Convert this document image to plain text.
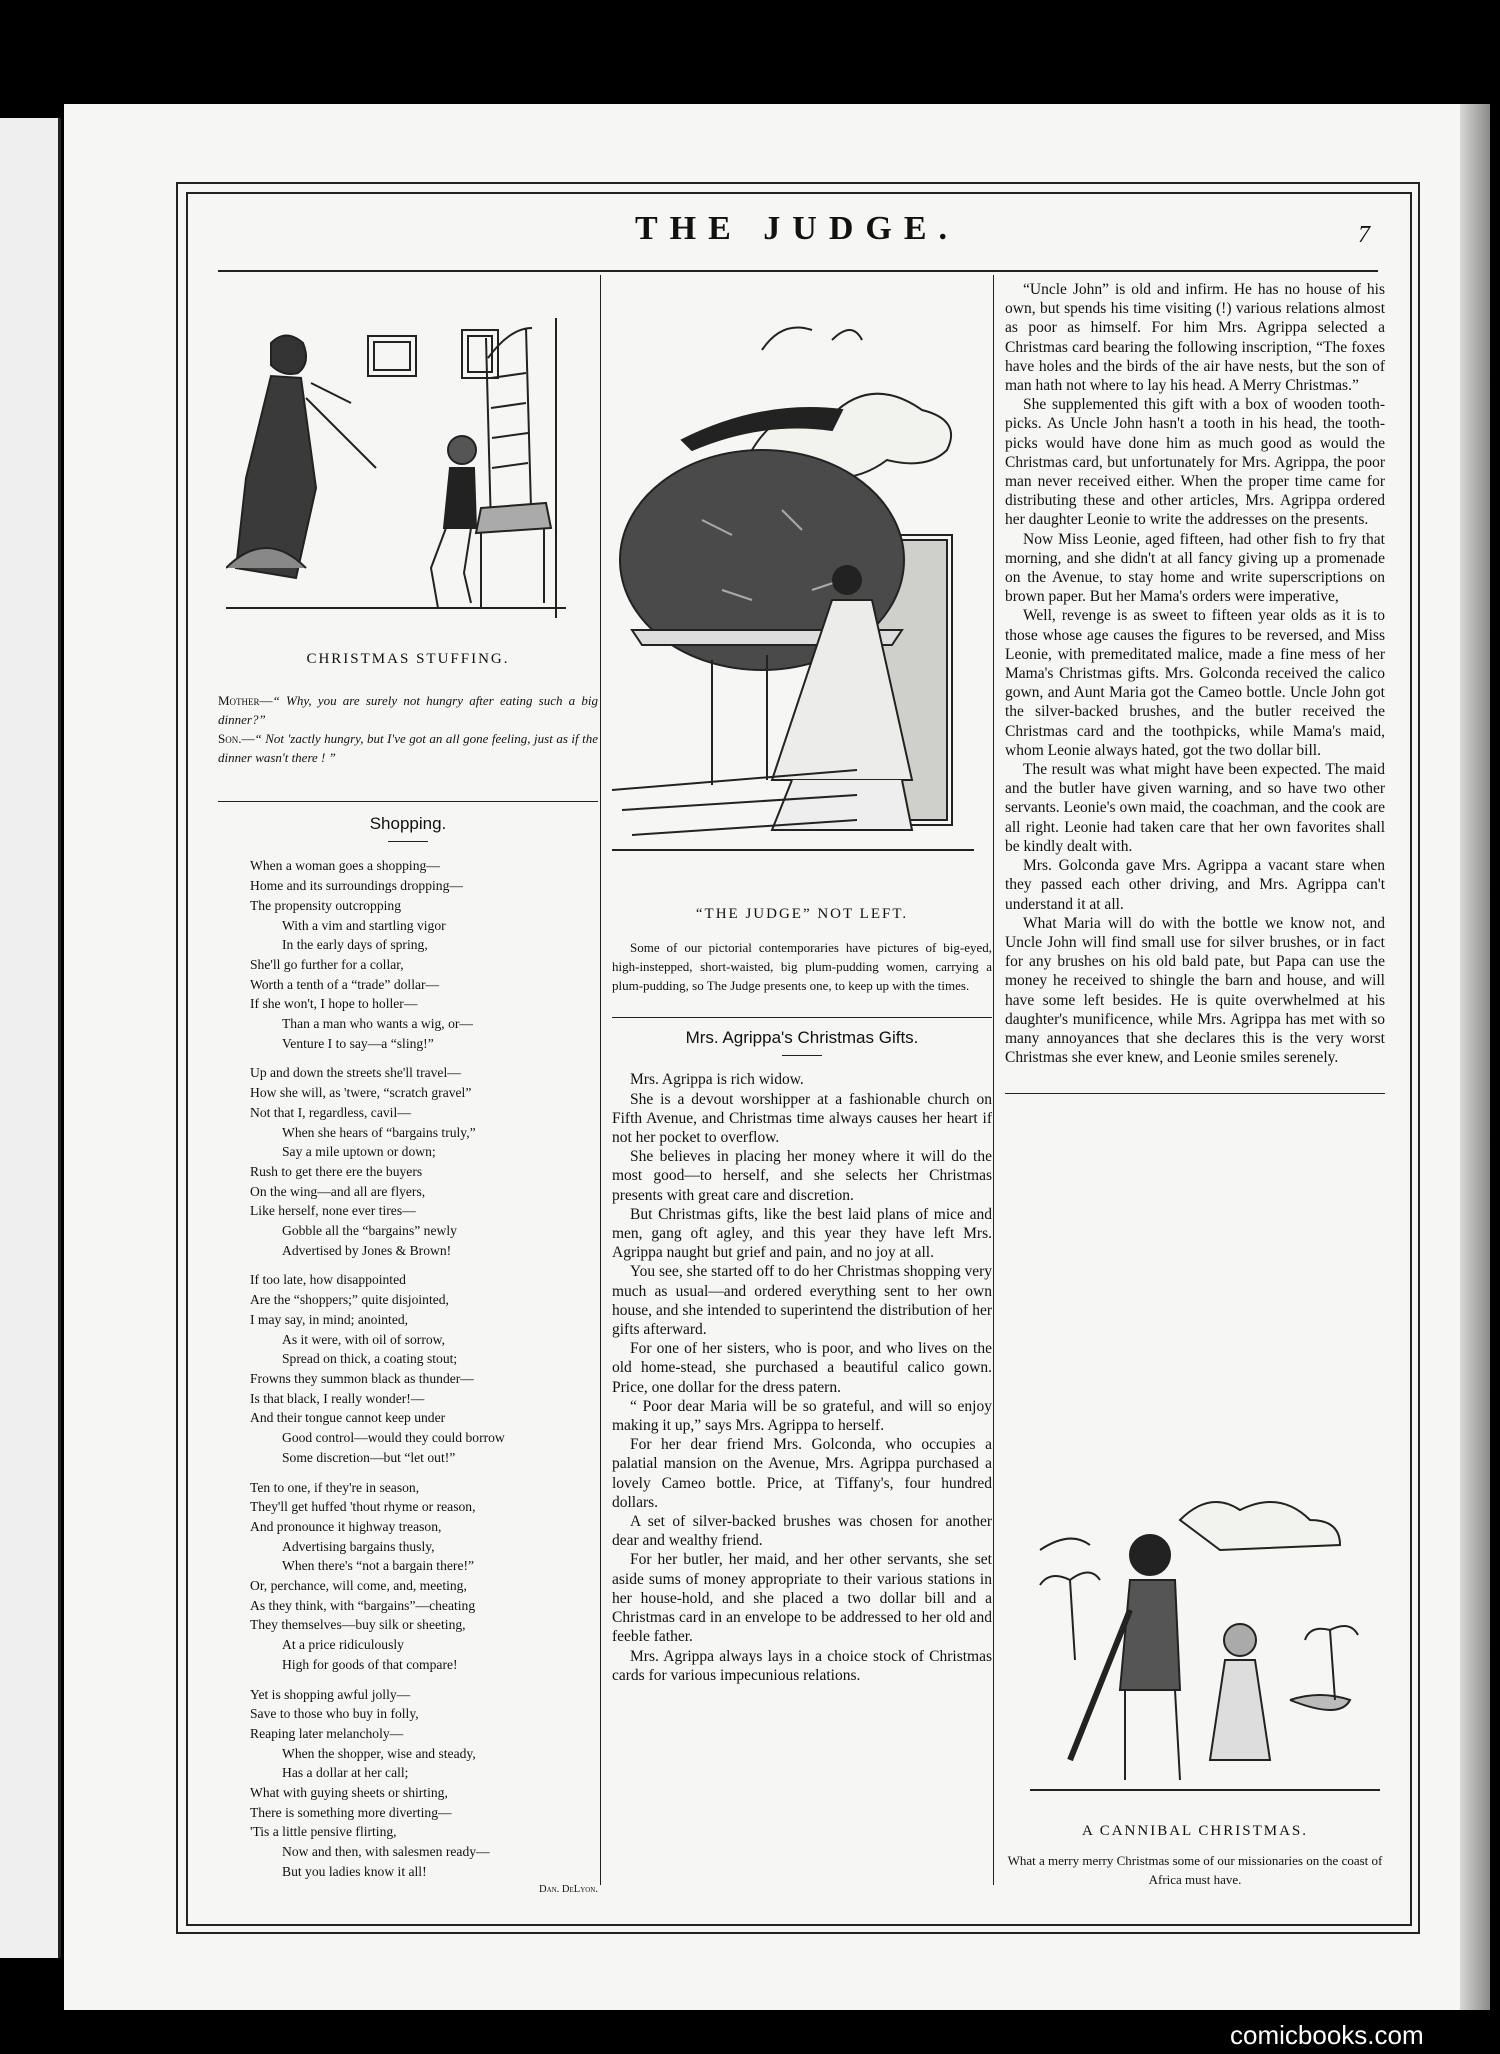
THE JUDGE.	7
CHRISTMAS STUFFING.
Mother—“ Why, you are surely not hungry after eating such a big dinner?”
Son.—“ Not 'zactly hungry, but I've got an all gone feeling, just as if the dinner wasn't there ! ”
Shopping.
When a woman goes a shopping—
Home and its surroundings dropping—
The propensity outcropping
With a vim and startling vigor
In the early days of spring,
She'll go further for a collar,
Worth a tenth of a “trade” dollar—
If she won't, I hope to holler—
Than a man who wants a wig, or—
Venture I to say—a “sling!”
Up and down the streets she'll travel—
How she will, as 'twere, “scratch gravel”
Not that I, regardless, cavil—
When she hears of “bargains truly,”
Say a mile uptown or down;
Rush to get there ere the buyers
On the wing—and all are flyers,
Like herself, none ever tires—
Gobble all the “bargains” newly
Advertised by Jones & Brown!
If too late, how disappointed
Are the “shoppers;” quite disjointed,
I may say, in mind; anointed,
As it were, with oil of sorrow,
Spread on thick, a coating stout;
Frowns they summon black as thunder—
Is that black, I really wonder!—
And their tongue cannot keep under
Good control—would they could borrow
Some discretion—but “let out!”
Ten to one, if they're in season,
They'll get huffed 'thout rhyme or reason,
And pronounce it highway treason,
Advertising bargains thusly,
When there's “not a bargain there!”
Or, perchance, will come, and, meeting,
As they think, with “bargains”—cheating
They themselves—buy silk or sheeting,
At a price ridiculously
High for goods of that compare!
Yet is shopping awful jolly—
Save to those who buy in folly,
Reaping later melancholy—
When the shopper, wise and steady,
Has a dollar at her call;
What with guying sheets or shirting,
There is something more diverting—
'Tis a little pensive flirting,
Now and then, with salesmen ready—
But you ladies know it all!
Dan. DeLyon.
“THE JUDGE” NOT LEFT.

Some of our pictorial contemporaries have pictures of big-eyed, high-instepped, short-waisted, big plum-pudding women, carrying a plum-pudding, so The Judge presents one, to keep up with the times.

Mrs. Agrippa's Christmas Gifts.

Mrs. Agrippa is rich widow.

She is a devout worshipper at a fashionable church on Fifth Avenue, and Christmas time always causes her heart if not her pocket to overflow.

She believes in placing her money where it will do the most good—to herself, and she selects her Christmas presents with great care and discretion.

But Christmas gifts, like the best laid plans of mice and men, gang oft agley, and this year they have left Mrs. Agrippa naught but grief and pain, and no joy at all.

You see, she started off to do her Christmas shopping very much as usual—and ordered everything sent to her own house, and she intended to superintend the distribution of her gifts afterward.

For one of her sisters, who is poor, and who lives on the old home-stead, she purchased a beautiful calico gown. Price, one dollar for the dress patern.

“ Poor dear Maria will be so grateful, and will so enjoy making it up,” says Mrs. Agrippa to herself.

For her dear friend Mrs. Golconda, who occupies a palatial mansion on the Avenue, Mrs. Agrippa purchased a lovely Cameo bottle. Price, at Tiffany's, four hundred dollars.

A set of silver-backed brushes was chosen for another dear and wealthy friend.

For her butler, her maid, and her other servants, she set aside sums of money appropriate to their various stations in her house-hold, and she placed a two dollar bill and a Christmas card in an envelope to be addressed to her old and feeble father.

Mrs. Agrippa always lays in a choice stock of Christmas cards for various impecunious relations.

“Uncle John” is old and infirm. He has no house of his own, but spends his time visiting (!) various relations almost as poor as himself. For him Mrs. Agrippa selected a Christmas card bearing the following inscription, “The foxes have holes and the birds of the air have nests, but the son of man hath not where to lay his head. A Merry Christmas.”

She supplemented this gift with a box of wooden tooth-picks. As Uncle John hasn't a tooth in his head, the tooth-picks would have done him as much good as would the Christmas card, but unfortunately for Mrs. Agrippa, the poor man never received either. When the proper time came for distributing these and other articles, Mrs. Agrippa ordered her daughter Leonie to write the addresses on the presents.

Now Miss Leonie, aged fifteen, had other fish to fry that morning, and she didn't at all fancy giving up a promenade on the Avenue, to stay home and write superscriptions on brown paper. But her Mama's orders were imperative,

Well, revenge is as sweet to fifteen year olds as it is to those whose age causes the figures to be reversed, and Miss Leonie, with premeditated malice, made a fine mess of her Mama's Christmas gifts. Mrs. Golconda received the calico gown, and Aunt Maria got the Cameo bottle. Uncle John got the silver-backed brushes, and the butler received the Christmas card and the toothpicks, while Mama's maid, whom Leonie always hated, got the two dollar bill.

The result was what might have been expected. The maid and the butler have given warning, and so have two other servants. Leonie's own maid, the coachman, and the cook are all right. Leonie had taken care that her own favorites shall be kindly dealt with.

Mrs. Golconda gave Mrs. Agrippa a vacant stare when they passed each other driving, and Mrs. Agrippa can't understand it at all.

What Maria will do with the bottle we know not, and Uncle John will find small use for silver brushes, or in fact for any brushes on his old bald pate, but Papa can use the money he received to shingle the barn and house, and will have some left besides. He is quite overwhelmed at his daughter's munificence, while Mrs. Agrippa has met with so many annoyances that she declares this is the very worst Christmas she ever knew, and Leonie smiles serenely.

A CANNIBAL CHRISTMAS.

What a merry merry Christmas some of our missionaries on the coast of Africa must have.

comicbooks.com
